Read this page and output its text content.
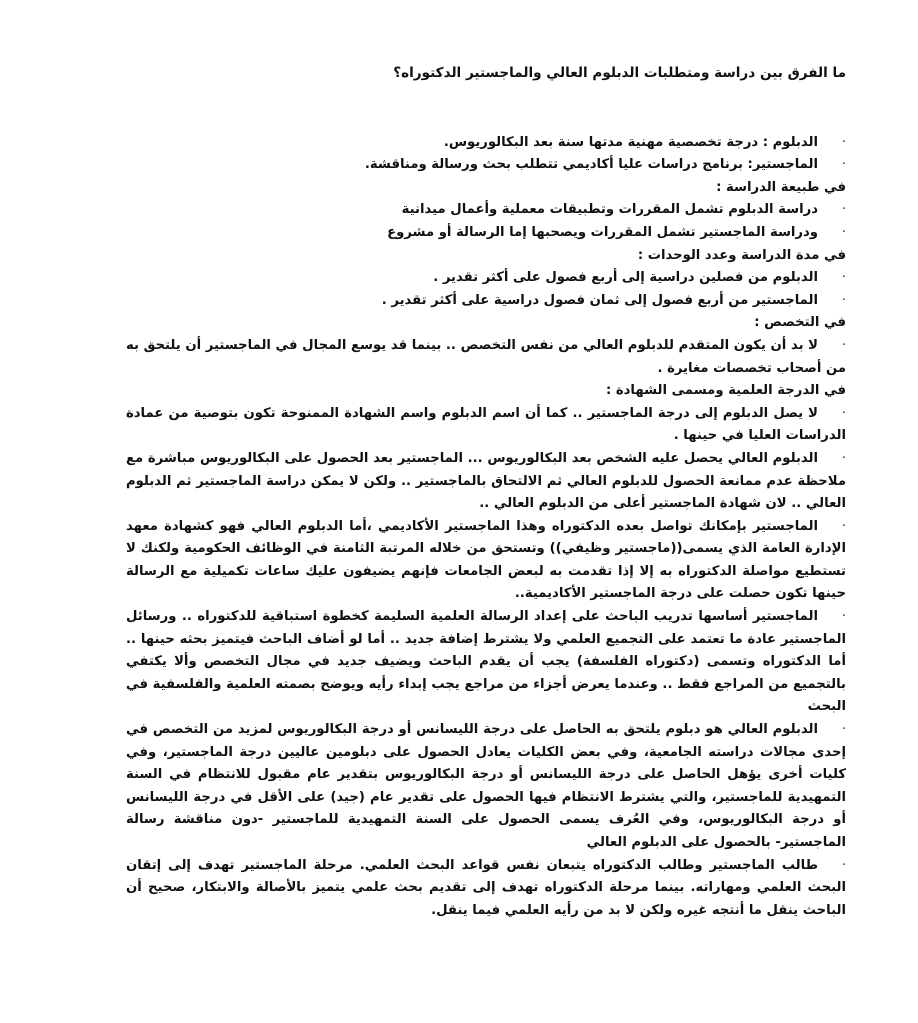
ما الفرق بين دراسة ومتطلبات الدبلوم العالي والماجستير الدكتوراه؟

·الدبلوم : درجة تخصصية مهنية مدتها سنة بعد البكالوريوس.

·الماجستير: برنامج دراسات عليا أكاديمي تتطلب بحث ورسالة ومناقشة.

في طبيعة الدراسة :

·دراسة الدبلوم تشمل المقررات وتطبيقات معملية وأعمال ميدانية

·ودراسة الماجستير تشمل المقررات ويصحبها إما الرسالة أو مشروع

في مدة الدراسة وعدد الوحدات :

·الدبلوم من فصلين دراسية إلى أربع فصول على أكثر تقدير .

·الماجستير من أربع فصول إلى ثمان فصول دراسية على أكثر تقدير .

في التخصص :

·لا بد أن يكون المتقدم للدبلوم العالي من نفس التخصص .. بينما قد يوسع المجال في الماجستير أن يلتحق به من أصحاب تخصصات مغايرة .

في الدرجة العلمية ومسمى الشهادة :

·لا يصل الدبلوم إلى درجة الماجستير .. كما أن اسم الدبلوم واسم الشهادة الممنوحة تكون بتوصية من عمادة الدراسات العليا في حينها .

·الدبلوم العالي يحصل عليه الشخص بعد البكالوريوس ... الماجستير بعد الحصول على البكالوريوس مباشرة مع ملاحظة عدم ممانعة الحصول للدبلوم العالي ثم الالتحاق بالماجستير .. ولكن لا يمكن دراسة الماجستير ثم الدبلوم العالي .. لان شهادة الماجستير أعلى من الدبلوم العالي ..

·الماجستير بإمكانك تواصل بعده الدكتوراه وهذا الماجستير الأكاديمي ،أما الدبلوم العالي فهو كشهادة معهد الإدارة العامة الذي يسمى((ماجستير وظيفي)) وتستحق من خلاله المرتبة الثامنة في الوظائف الحكومية ولكنك لا تستطيع مواصلة الدكتوراه به إلا إذا تقدمت به لبعض الجامعات فإنهم يضيفون عليك ساعات تكميلية مع الرسالة حينها تكون حصلت على درجة الماجستير الأكاديمية..

·الماجستير أساسها تدريب الباحث على إعداد الرسالة العلمية السليمة كخطوة استباقية للدكتوراه .. ورسائل الماجستير عادة ما تعتمد على التجميع العلمي ولا يشترط إضافة جديد .. أما لو أضاف الباحث فيتميز بحثه حينها .. أما الدكتوراه وتسمى (دكتوراه الفلسفة) يجب أن يقدم الباحث ويضيف جديد في مجال التخصص وألا يكتفي بالتجميع من المراجع فقط .. وعندما يعرض أجزاء من مراجع يجب إبداء رأيه ويوضح بصمته العلمية والفلسفية في البحث

·الدبلوم العالي هو دبلوم يلتحق به الحاصل على درجة الليسانس أو درجة البكالوريوس لمزيد من التخصص في إحدى مجالات دراسته الجامعية، وفي بعض الكليات يعادل الحصول على دبلومين عاليين درجة الماجستير، وفي كليات أخرى يؤهل الحاصل على درجة الليسانس أو درجة البكالوريوس بتقدير عام مقبول للانتظام في السنة التمهيدية للماجستير، والتي يشترط الانتظام فيها الحصول على تقدير عام (جيد) على الأقل في درجة الليسانس أو درجة البكالوريوس، وفي العُرف يسمى الحصول على السنة التمهيدية للماجستير -دون مناقشة رسالة الماجستير- بالحصول على الدبلوم العالي

·طالب الماجستير وطالب الدكتوراه يتبعان نفس قواعد البحث العلمي. مرحلة الماجستير تهدف إلى إتقان البحث العلمي ومهاراته. بينما مرحلة الدكتوراه تهدف إلى تقديم بحث علمي يتميز بالأصالة والابتكار، صحيح أن الباحث ينقل ما أنتجه غيره ولكن لا بد من رأيه العلمي فيما ينقل.
